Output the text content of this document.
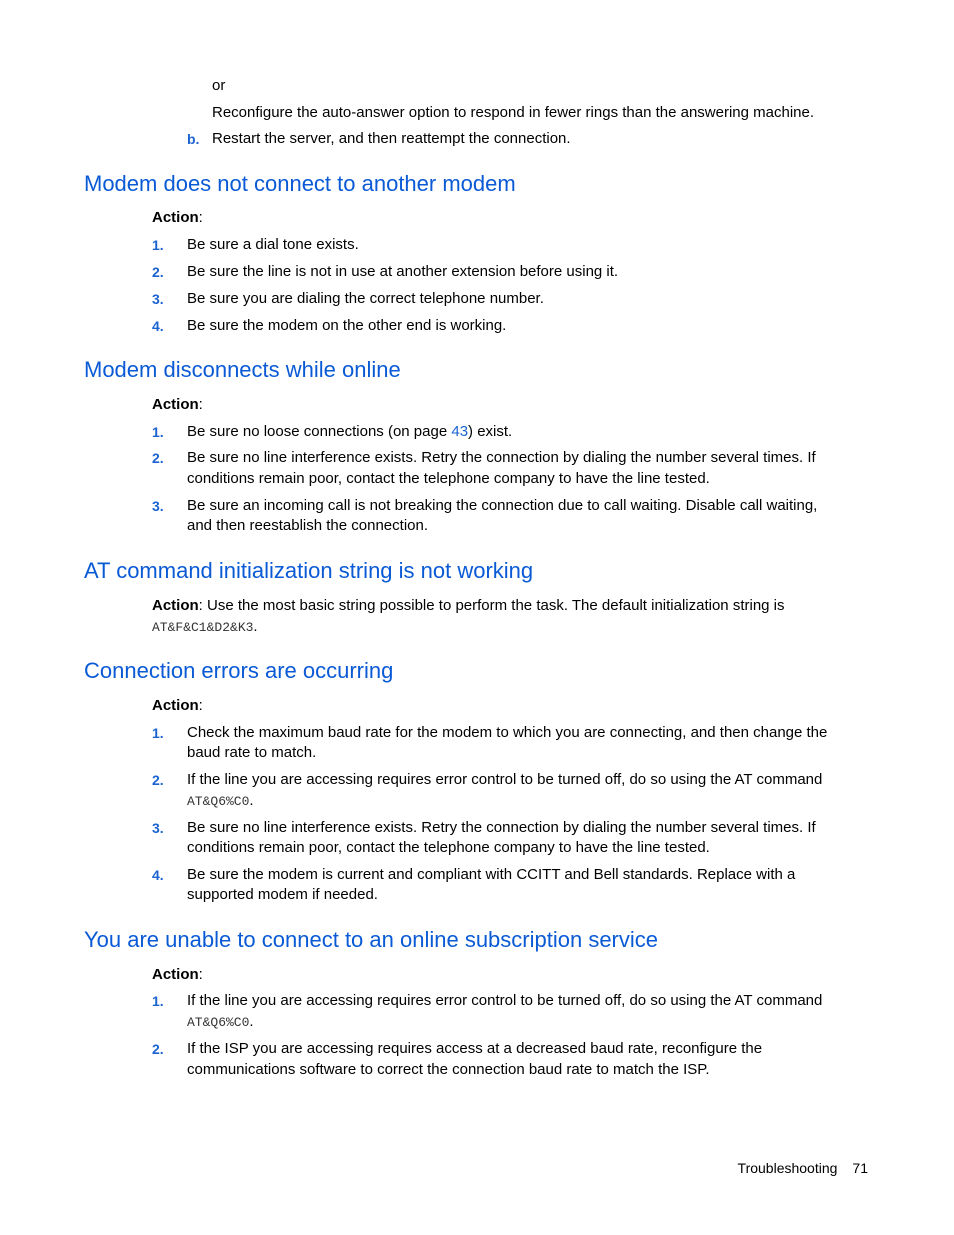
or
Reconfigure the auto-answer option to respond in fewer rings than the answering machine.
b. Restart the server, and then reattempt the connection.
Modem does not connect to another modem
Action:
1. Be sure a dial tone exists.
2. Be sure the line is not in use at another extension before using it.
3. Be sure you are dialing the correct telephone number.
4. Be sure the modem on the other end is working.
Modem disconnects while online
Action:
1. Be sure no loose connections (on page 43) exist.
2. Be sure no line interference exists. Retry the connection by dialing the number several times. If
conditions remain poor, contact the telephone company to have the line tested.
3. Be sure an incoming call is not breaking the connection due to call waiting. Disable call waiting,
and then reestablish the connection.
AT command initialization string is not working
Action: Use the most basic string possible to perform the task. The default initialization string is
AT&F&C1&D2&K3.
Connection errors are occurring
Action:
1. Check the maximum baud rate for the modem to which you are connecting, and then change the
baud rate to match.
2. If the line you are accessing requires error control to be turned off, do so using the AT command
AT&Q6%C0.
3. Be sure no line interference exists. Retry the connection by dialing the number several times. If
conditions remain poor, contact the telephone company to have the line tested.
4. Be sure the modem is current and compliant with CCITT and Bell standards. Replace with a
supported modem if needed.
You are unable to connect to an online subscription service
Action:
1. If the line you are accessing requires error control to be turned off, do so using the AT command
AT&Q6%C0.
2. If the ISP you are accessing requires access at a decreased baud rate, reconfigure the
communications software to correct the connection baud rate to match the ISP.
Troubleshooting 71
